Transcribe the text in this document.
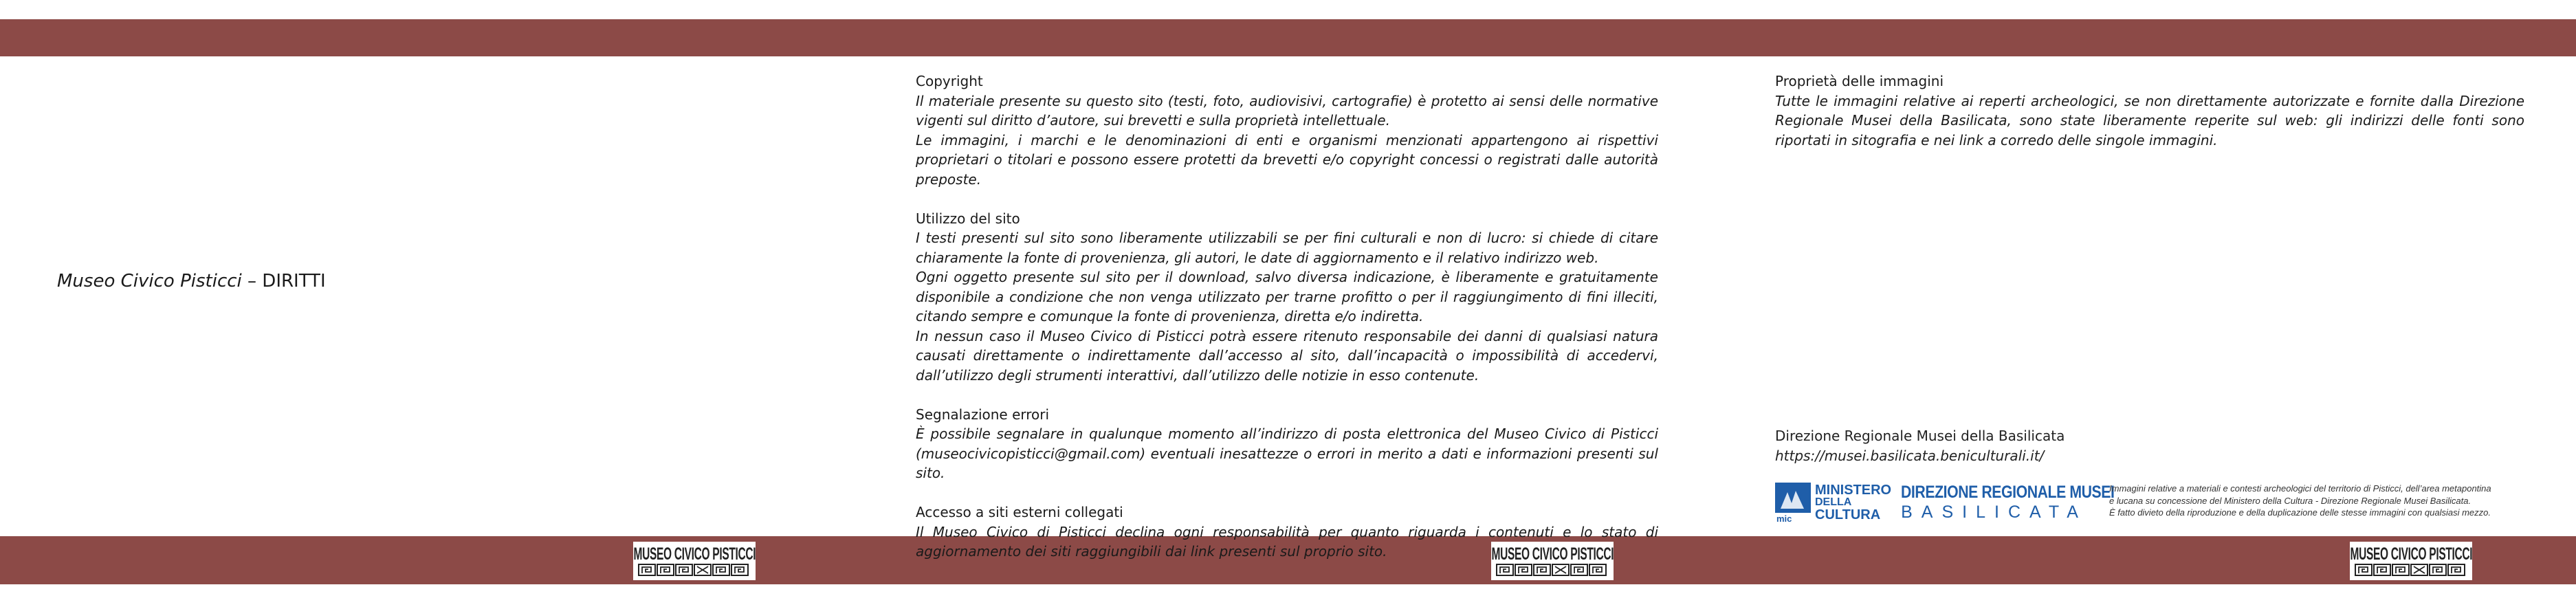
Museo Civico Pisticci – DIRITTI
Copyright

Il materiale presente su questo sito (testi, foto, audiovisivi, cartografie) è protetto ai sensi delle normative vigenti sul diritto d’autore, sui brevetti e sulla proprietà intellettuale.

Le immagini, i marchi e le denominazioni di enti e organismi menzionati appartengono ai rispettivi proprietari o titolari e possono essere protetti da brevetti e/o copyright concessi o registrati dalle autorità preposte.

Utilizzo del sito

I testi presenti sul sito sono liberamente utilizzabili se per fini culturali e non di lucro: si chiede di citare chiaramente la fonte di provenienza, gli autori, le date di aggiornamento e il relativo indirizzo web.

Ogni oggetto presente sul sito per il download, salvo diversa indicazione, è liberamente e gratuitamente disponibile a condizione che non venga utilizzato per trarne profitto o per il raggiungimento di fini illeciti, citando sempre e comunque la fonte di provenienza, diretta e/o indiretta.

In nessun caso il Museo Civico di Pisticci potrà essere ritenuto responsabile dei danni di qualsiasi natura causati direttamente o indirettamente dall’accesso al sito, dall’incapacità o impossibilità di accedervi, dall’utilizzo degli strumenti interattivi, dall’utilizzo delle notizie in esso contenute.

Segnalazione errori

È possibile segnalare in qualunque momento all’indirizzo di posta elettronica del Museo Civico di Pisticci (museocivicopisticci@gmail.com) eventuali inesattezze o errori in merito a dati e informazioni presenti sul sito.

Accesso a siti esterni collegati

Il Museo Civico di Pisticci declina ogni responsabilità per quanto riguarda i contenuti e lo stato di aggiornamento dei siti raggiungibili dai link presenti sul proprio sito.

Proprietà delle immagini

Tutte le immagini relative ai reperti archeologici, se non direttamente autorizzate e fornite dalla Direzione Regionale Musei della Basilicata, sono state liberamente reperite sul web: gli indirizzi delle fonti sono riportati in sitografia e nei link a corredo delle singole immagini.

Direzione Regionale Musei della Basilicata
https://musei.basilicata.beniculturali.it/
mic
MINISTERO
DELLA
CULTURA
DIREZIONE REGIONALE MUSEI
BASILICATA
Immagini relative a materiali e contesti archeologici del territorio di Pisticci, dell’area metapontina
e lucana su concessione del Ministero della Cultura - Direzione Regionale Musei Basilicata.
È fatto divieto della riproduzione e della duplicazione delle stesse immagini con qualsiasi mezzo.
MUSEO CIVICO PISTICCI	MUSEO CIVICO PISTICCI	MUSEO CIVICO PISTICCI
